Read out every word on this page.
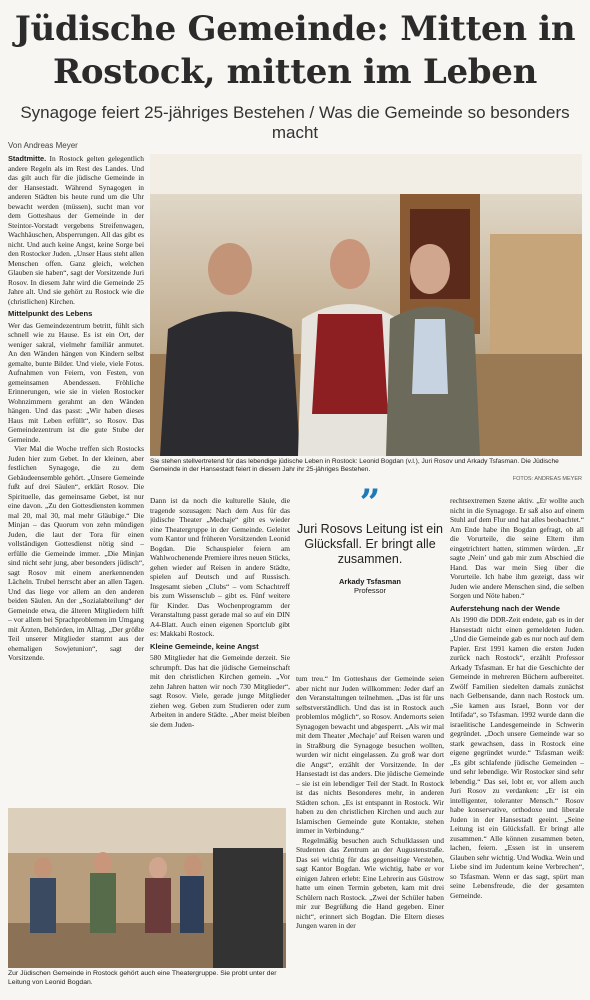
Jüdische Gemeinde: Mitten in
Rostock, mitten im Leben
Synagoge feiert 25-jähriges Bestehen / Was die Gemeinde so besonders macht
Von Andreas Meyer

Stadtmitte. In Rostock gelten gelegentlich andere Regeln als im Rest des Landes. Und das gilt auch für die jüdische Gemeinde in der Hansestadt. Während Synagogen in anderen Städten bis heute rund um die Uhr bewacht werden (müssen), sucht man vor dem Gotteshaus der Gemeinde in der Steintor-Vorstadt vergebens Streifenwagen, Wachhäuschen, Absperrungen. All das gibt es nicht. Und auch keine Angst, keine Sorge bei den Rostocker Juden. „Unser Haus steht allen Menschen offen. Ganz gleich, welchen Glauben sie haben“, sagt der Vorsitzende Juri Rosov. In diesem Jahr wird die Gemeinde 25 Jahre alt. Und sie gehört zu Rostock wie die (christlichen) Kirchen.

Mittelpunkt des Lebens

Wer das Gemeindezentrum betritt, fühlt sich schnell wie zu Hause. Es ist ein Ort, der weniger sakral, vielmehr familiär anmutet. An den Wänden hängen von Kindern selbst gemalte, bunte Bilder. Und viele, viele Fotos. Aufnahmen von Feiern, von Festen, von gemeinsamen Abendessen. Fröhliche Erinnerungen, wie sie in vielen Rostocker Wohnzimmern gerahmt an den Wänden hängen. Und das passt: „Wir haben dieses Haus mit Leben erfüllt“, so Rosov. Das Gemeindezentrum ist die gute Stube der Gemeinde.

Vier Mal die Woche treffen sich Rostocks Juden hier zum Gebet. In der kleinen, aber festlichen Synagoge, die zu dem Gebäudeensemble gehört. „Unsere Gemeinde fußt auf drei Säulen“, erklärt Rosov. Die Spirituelle, das gemeinsame Gebet, ist nur eine davon. „Zu den Gottesdiensten kommen mal 20, mal 30, mal mehr Gläubige.“ Die Minjan – das Quorum von zehn mündigen Juden, die laut der Tora für einen vollständigen Gottesdienst nötig sind – erfülle die Gemeinde immer. „Die Minjan sind nicht sehr jung, aber besonders jüdisch“, sagt Rosov mit einem anerkennenden Lächeln. Trubel herrscht aber an allen Tagen. Und das liege vor allem an den anderen beiden Säulen. An der „Sozialabteilung“ der Gemeinde etwa, die älteren Mitgliedern hilft – vor allem bei Sprachproblemen im Umgang mit Ärzten, Behörden, im Alltag. „Der größte Teil unserer Mitglieder stammt aus der ehemaligen Sowjetunion“, sagt der Vorsitzende.

Sie stehen stellvertretend für das lebendige jüdische Leben in Rostock: Leonid Bogdan (v.l.), Juri Rosov und Arkady Tsfasman. Die Jüdische Gemeinde in der Hansestadt feiert in diesem Jahr ihr 25-jähriges Bestehen.
FOTOS: ANDREAS MEYER

Dann ist da noch die kulturelle Säule, die tragende sozusagen: Nach dem Aus für das jüdische Theater „Mechaje“ gibt es wieder eine Theatergruppe in der Gemeinde. Geleitet vom Kantor und früheren Vorsitzenden Leonid Bogdan. Die Schauspieler feiern am Wahlwochenende Premiere ihres neuen Stücks, gehen wieder auf Reisen in andere Städte, spielen auf Deutsch und auf Russisch. Insgesamt sieben „Clubs“ – vom Schachtreff bis zum Wissensclub – gibt es. Fünf weitere für Kinder. Das Wochenprogramm der Veranstaltung passt gerade mal so auf ein DIN A4-Blatt. Auch einen eigenen Sportclub gibt es: Makkabi Rostock.

Kleine Gemeinde, keine Angst

580 Mitglieder hat die Gemeinde derzeit. Sie schrumpft. Das hat die jüdische Gemeinschaft mit den christlichen Kirchen gemein. „Vor zehn Jahren hatten wir noch 730 Mitglieder“, sagt Rosov. Viele, gerade junge Mitglieder ziehen weg. Geben zum Studieren oder zum Arbeiten in andere Städte. „Aber meist bleiben sie dem Juden-

”
Juri Rosovs Leitung ist ein Glücksfall. Er bringt alle zusammen.
Arkady Tsfasman
Professor

tum treu.“ Im Gotteshaus der Gemeinde seien aber nicht nur Juden willkommen: Jeder darf an den Veranstaltungen teilnehmen. „Das ist für uns selbstverständlich. Und das ist in Rostock auch problemlos möglich“, so Rosov. Andernorts seien Synagogen bewacht und abgesperrt. „Als wir mal mit dem Theater ,Mechaje’ auf Reisen waren und in Straßburg die Synagoge besuchen wollten, wurden wir nicht eingelassen. Zu groß war dort die Angst“, erzählt der Vorsitzende. In der Hansestadt ist das anders. Die jüdische Gemeinde – sie ist ein lebendiger Teil der Stadt. In Rostock ist das nichts Besonderes mehr, in anderen Städten schon. „Es ist entspannt in Rostock. Wir haben zu den christlichen Kirchen und auch zur Islamischen Gemeinde gute Kontakte, stehen immer in Verbindung.“

Regelmäßig besuchen auch Schulklassen und Studenten das Zentrum an der Augustenstraße. Das sei wichtig für das gegenseitige Verstehen, sagt Kantor Bogdan. Wie wichtig, habe er vor einigen Jahren erlebt: Eine Lehrerin aus Güstrow hatte um einen Termin gebeten, kam mit drei Schülern nach Rostock. „Zwei der Schüler haben mir zur Begrüßung die Hand gegeben. Einer nicht“, erinnert sich Bogdan. Die Eltern dieses Jungen waren in der

rechtsextremen Szene aktiv. „Er wollte auch nicht in die Synagoge. Er saß also auf einem Stuhl auf dem Flur und hat alles beobachtet.“ Am Ende habe ihn Bogdan gefragt, ob all die Vorurteile, die seine Eltern ihm eingetrichtert hatten, stimmen würden. „Er sagte ,Nein’ und gab mir zum Abschied die Hand. Das war mein Sieg über die Vorurteile. Ich habe ihm gezeigt, dass wir Juden wie andere Menschen sind, die selben Sorgen und Nöte haben.“

Auferstehung nach der Wende

Als 1990 die DDR-Zeit endete, gab es in der Hansestadt nicht einen gemeldeten Juden. „Und die Gemeinde gab es nur noch auf dem Papier. Erst 1991 kamen die ersten Juden zurück nach Rostock“, erzählt Professor Arkady Tsfasman. Er hat die Geschichte der Gemeinde in mehreren Büchern aufbereitet. Zwölf Familien siedelten damals zunächst nach Gelbensande, dann nach Rostock um. „Sie kamen aus Israel, Bonn vor der Intifada“, so Tsfasman. 1992 wurde dann die israelitische Landesgemeinde in Schwerin gegründet. „Doch unsere Gemeinde war so stark gewachsen, dass in Rostock eine eigene gegründet wurde.“ Tsfasman weiß: „Es gibt schlafende jüdische Gemeinden – und sehr lebendige. Wir Rostocker sind sehr lebendig.“ Das sei, lobt er, vor allem auch Juri Rosov zu verdanken: „Er ist ein intelligenter, toleranter Mensch.“ Rosov habe konservative, orthodoxe und liberale Juden in der Hansestadt geeint. „Seine Leitung ist ein Glücksfall. Er bringt alle zusammen.“ Alle können zusammen beten, lachen, feiern. „Essen ist in unserem Glauben sehr wichtig. Und Wodka. Wein und Liebe sind im Judentum keine Verbrechen“, so Tsfasman. Wenn er das sagt, spürt man seine Lebensfreude, die der gesamten Gemeinde.

Zur Jüdischen Gemeinde in Rostock gehört auch eine Theatergruppe. Sie probt unter der Leitung von Leonid Bogdan.
